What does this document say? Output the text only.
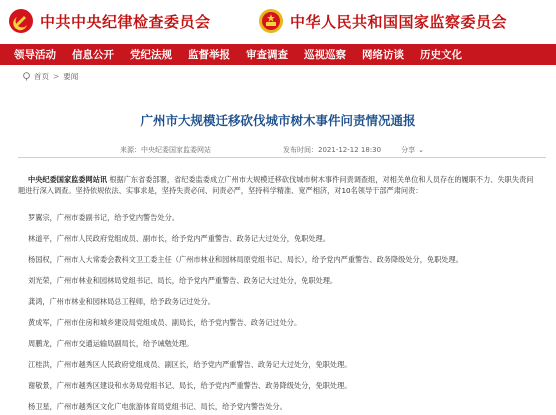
中共中央纪律检查委员会	中华人民共和国国家监察委员会
领导活动 信息公开 党纪法规 监督举报 审查调查 巡视巡察 网络访谈 历史文化
首页 > 要闻
广州市大规模迁移砍伐城市树木事件问责情况通报
来源：中央纪委国家监委网站	发布时间：2021-12-12 18:30	分享 ⌄
中央纪委国家监委网站讯 根据广东省委部署，省纪委监委成立广州市大规模迁移砍伐城市树木事件问责调查组，对相关单位和人员存在的履职不力、失职失责问题进行深入调查。坚持依规依法、实事求是，坚持失责必问、问责必严，坚持科学精准、宽严相济，对10名领导干部严肃问责：
罗翼宗，广州市委副书记，给予党内警告处分。
林道平，广州市人民政府党组成员、副市长，给予党内严重警告、政务记大过处分，免职处理。
杨国权，广州市人大常委会教科文卫工委主任（广州市林业和园林局原党组书记、局长），给予党内严重警告、政务降级处分，免职处理。
刘光荣，广州市林业和园林局党组书记、局长，给予党内严重警告、政务记大过处分，免职处理。
龚鸿，广州市林业和园林局总工程师，给予政务记过处分。
黄成军，广州市住房和城乡建设局党组成员、副局长，给予党内警告、政务记过处分。
周鹏龙，广州市交通运输局副局长，给予诫勉处理。
江桂洪，广州市越秀区人民政府党组成员、副区长，给予党内严重警告、政务记大过处分，免职处理。
谢敬景，广州市越秀区建设和水务局党组书记、局长，给予党内严重警告、政务降级处分，免职处理。
杨卫星，广州市越秀区文化广电旅游体育局党组书记、局长，给予党内警告处分。
